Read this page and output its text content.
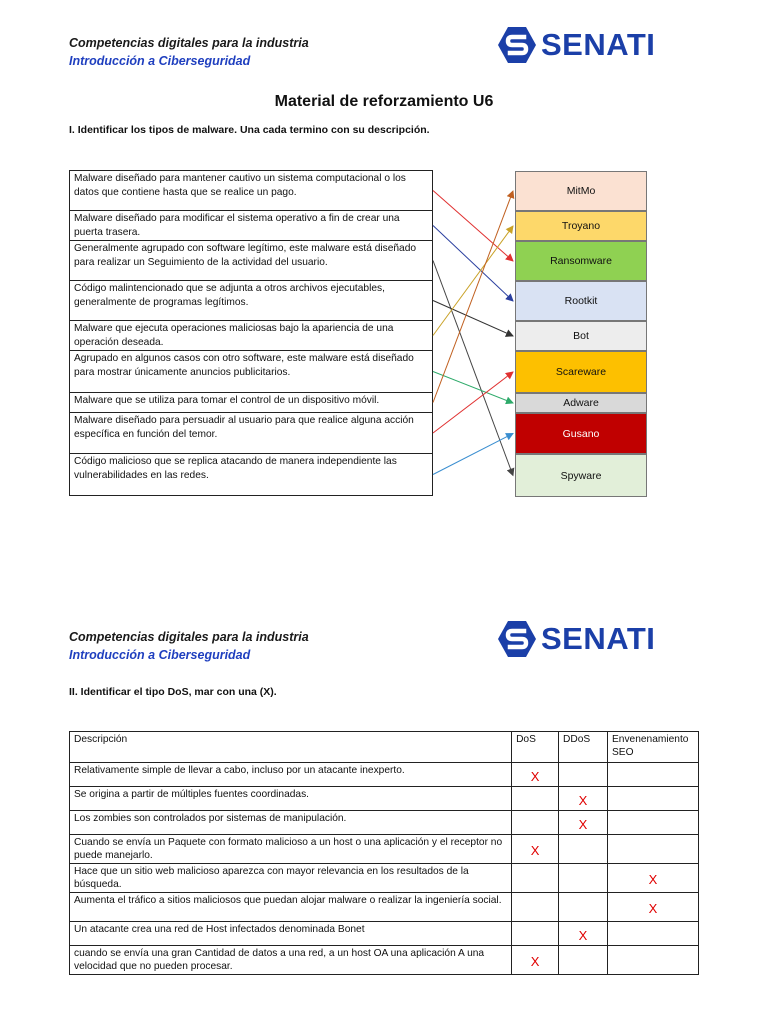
Competencias digitales para la industria
Introducción a Ciberseguridad	SENATI
Material de reforzamiento U6
I. Identificar los tipos de malware. Una cada termino con su descripción.
Malware diseñado para mantener cautivo un sistema computacional o los datos que contiene hasta que se realice un pago.
Malware diseñado para modificar el sistema operativo a fin de crear una puerta trasera.
Generalmente agrupado con software legítimo, este malware está diseñado para realizar un Seguimiento de la actividad del usuario.
Código malintencionado que se adjunta a otros archivos ejecutables, generalmente de programas legítimos.
Malware que ejecuta operaciones maliciosas bajo la apariencia de una operación deseada.
Agrupado en algunos casos con otro software, este malware está diseñado para mostrar únicamente anuncios publicitarios.
Malware que se utiliza para tomar el control de un dispositivo móvil.
Malware diseñado para persuadir al usuario para que realice alguna acción específica en función del temor.
Código malicioso que se replica atacando de manera independiente las vulnerabilidades en las redes.
MitMo
Troyano
Ransomware
Rootkit
Bot
Scareware
Adware
Gusano
Spyware
Competencias digitales para la industria
Introducción a Ciberseguridad	SENATI
II. Identificar el tipo DoS, mar con una (X).
Descripción	DoS	DDoS	Envenenamiento SEO
Relativamente simple de llevar a cabo, incluso por un atacante inexperto.	X		
Se origina a partir de múltiples fuentes coordinadas.		X	
Los zombies son controlados por sistemas de manipulación.		X	
Cuando se envía un Paquete con formato malicioso a un host o una aplicación y el receptor no puede manejarlo.	X		
Hace que un sitio web malicioso aparezca con mayor relevancia en los resultados de la búsqueda.			X
Aumenta el tráfico a sitios maliciosos que puedan alojar malware o realizar la ingeniería social.			X
Un atacante crea una red de Host infectados denominada Bonet		X	
cuando se envía una gran Cantidad de datos a una red, a un host OA una aplicación A una velocidad que no pueden procesar.	X		
